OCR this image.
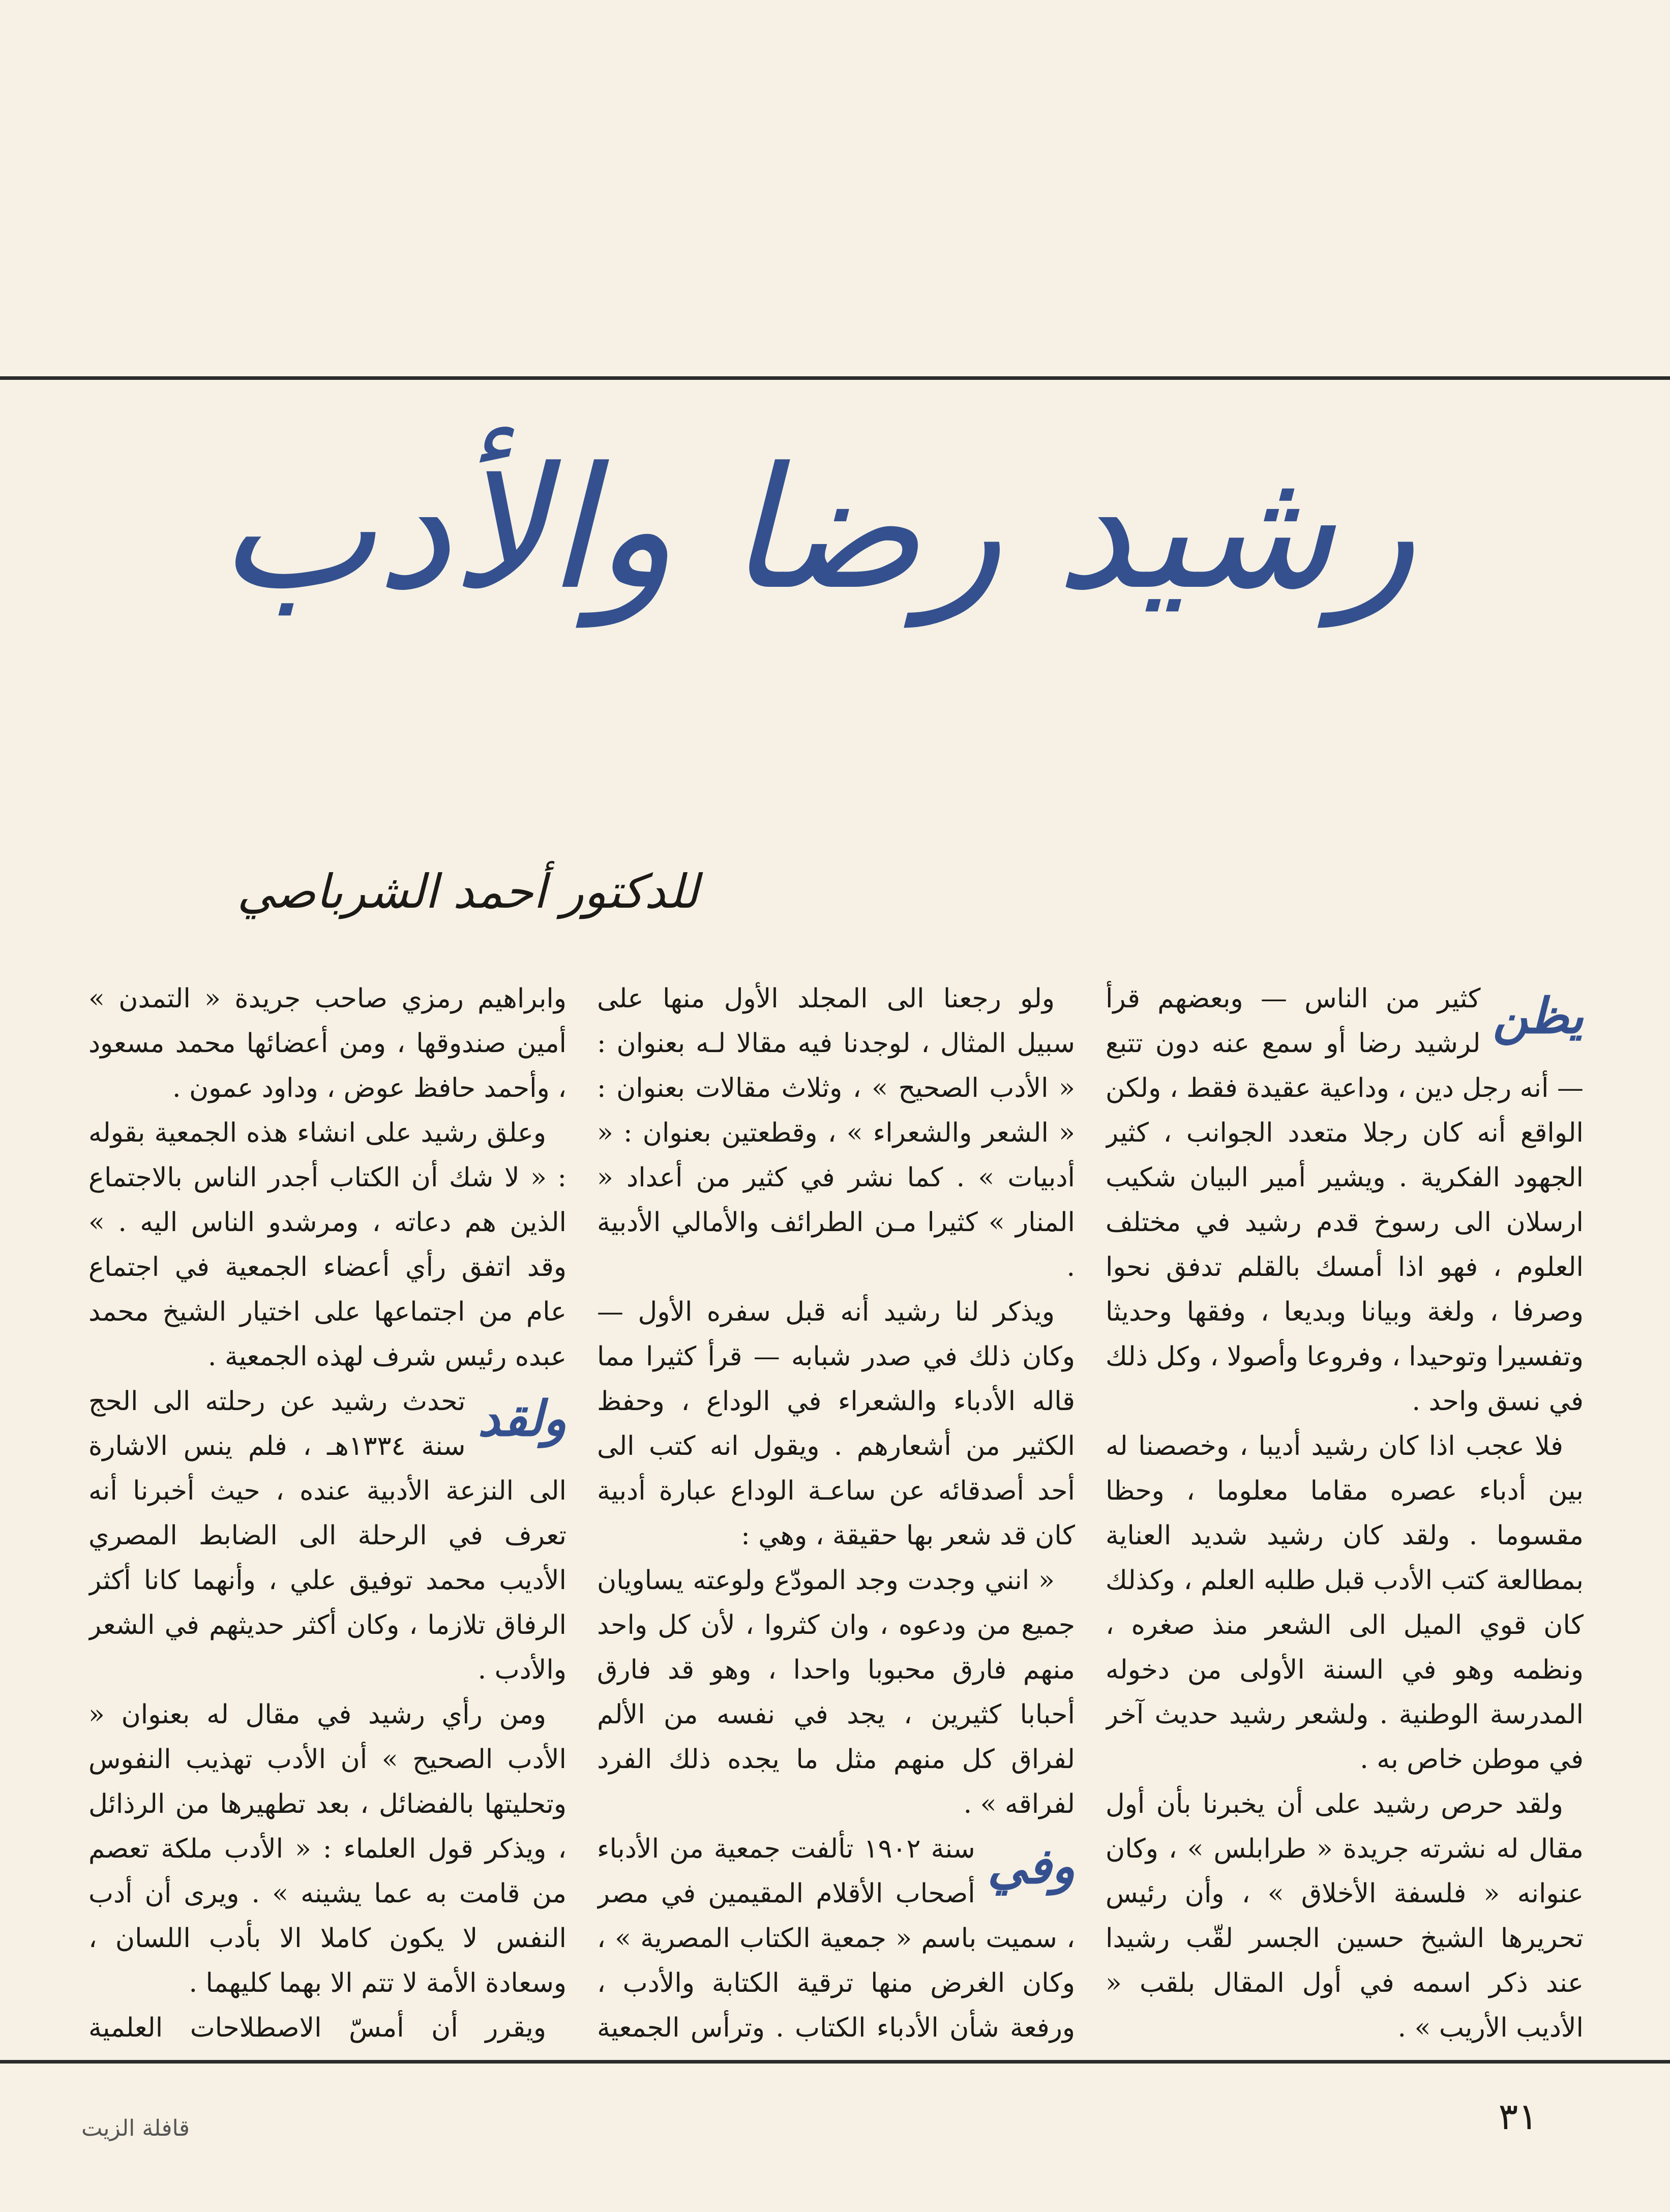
رشيد رضا والأدب
للدكتور أحمد الشرباصي
يظن

كثير من الناس — وبعضهم قرأ لرشيد رضا أو سمع عنه دون تتبع — أنه رجل دين ، وداعية عقيدة فقط ، ولكن الواقع أنه كان رجلا متعدد الجوانب ، كثير الجهود الفكرية . ويشير أمير البيان شكيب ارسلان الى رسوخ قدم رشيد في مختلف العلوم ، فهو اذا أمسك بالقلم تدفق نحوا وصرفا ، ولغة وبيانا وبديعا ، وفقها وحديثا وتفسيرا وتوحيدا ، وفروعا وأصولا ، وكل ذلك في نسق واحد .

فلا عجب اذا كان رشيد أديبا ، وخصصنا له بين أدباء عصره مقاما معلوما ، وحظا مقسوما . ولقد كان رشيد شديد العناية بمطالعة كتب الأدب قبل طلبه العلم ، وكذلك كان قوي الميل الى الشعر منذ صغره ، ونظمه وهو في السنة الأولى من دخوله المدرسة الوطنية . ولشعر رشيد حديث آخر في موطن خاص به .

ولقد حرص رشيد على أن يخبرنا بأن أول مقال له نشرته جريدة « طرابلس » ، وكان عنوانه « فلسفة الأخلاق » ، وأن رئيس تحريرها الشيخ حسين الجسر لقّب رشيدا عند ذكر اسمه في أول المقال بلقب « الأديب الأريب » .

ولو رجعنا الى المجلد الأول منها على سبيل المثال ، لوجدنا فيه مقالا لـه بعنوان : « الأدب الصحيح » ، وثلاث مقالات بعنوان : « الشعر والشعراء » ، وقطعتين بعنوان : « أدبيات » . كما نشر في كثير من أعداد « المنار » كثيرا مـن الطرائف والأمالي الأدبية .

ويذكر لنا رشيد أنه قبل سفره الأول — وكان ذلك في صدر شبابه — قرأ كثيرا مما قاله الأدباء والشعراء في الوداع ، وحفظ الكثير من أشعارهم . ويقول انه كتب الى أحد أصدقائه عن ساعـة الوداع عبارة أدبية كان قد شعر بها حقيقة ، وهي :

« انني وجدت وجد المودّع ولوعته يساويان جميع من ودعوه ، وان كثروا ، لأن كل واحد منهم فارق محبوبا واحدا ، وهو قد فارق أحبابا كثيرين ، يجد في نفسه من الألم لفراق كل منهم مثل ما يجده ذلك الفرد لفراقه » .

وفي

سنة ١٩٠٢ تألفت جمعية من الأدباء أصحاب الأقلام المقيمين في مصر ، سميت باسم « جمعية الكتاب المصرية » ، وكان الغرض منها ترقية الكتابة والأدب ، ورفعة شأن الأدباء الكتاب . وترأس الجمعية

وابراهيم رمزي صاحب جريدة « التمدن » أمين صندوقها ، ومن أعضائها محمد مسعود ، وأحمد حافظ عوض ، وداود عمون .

وعلق رشيد على انشاء هذه الجمعية بقوله : « لا شك أن الكتاب أجدر الناس بالاجتماع الذين هم دعاته ، ومرشدو الناس اليه . » وقد اتفق رأي أعضاء الجمعية في اجتماع عام من اجتماعها على اختيار الشيخ محمد عبده رئيس شرف لهذه الجمعية .

ولقد

تحدث رشيد عن رحلته الى الحج سنة ١٣٣٤هـ ، فلم ينس الاشارة الى النزعة الأدبية عنده ، حيث أخبرنا أنه تعرف في الرحلة الى الضابط المصري الأديب محمد توفيق علي ، وأنهما كانا أكثر الرفاق تلازما ، وكان أكثر حديثهم في الشعر والأدب .

ومن رأي رشيد في مقال له بعنوان « الأدب الصحيح » أن الأدب تهذيب النفوس وتحليتها بالفضائل ، بعد تطهيرها من الرذائل ، ويذكر قول العلماء : « الأدب ملكة تعصم من قامت به عما يشينه » . ويرى أن أدب النفس لا يكون كاملا الا بأدب اللسان ، وسعادة الأمة لا تتم الا بهما كليهما .

ويقرر أن أمسّ الاصطلاحات العلمية

٣١
قافلة الزيت
